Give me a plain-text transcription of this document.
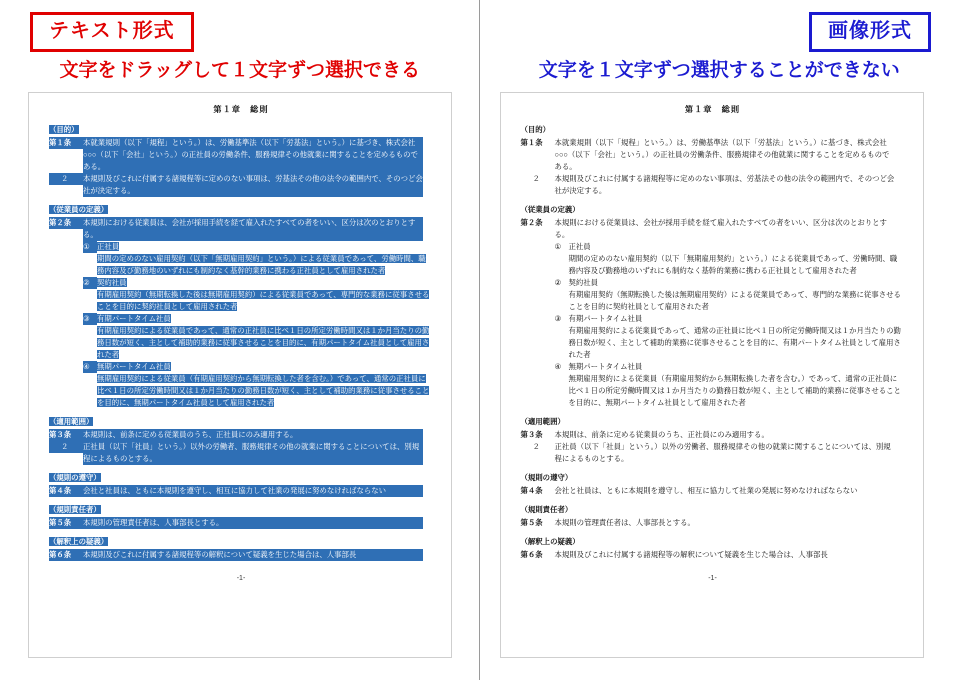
テキスト形式
文字をドラッグして１文字ずつ選択できる
第１章　総則
（目的）
第１条 本就業規則（以下「規程」という。）は、労働基準法（以下「労基法」という。）に基づき、株式会社○○○（以下「会社」という。）の正社員の労働条件、服務規律その他就業に関することを定めるものである。
２ 本規則及びこれに付属する諸規程等に定めのない事項は、労基法その他の法令の範囲内で、そのつど会社が決定する。
（従業員の定義）
第２条 本規則における従業員は、会社が採用手続を経て雇入れたすべての者をいい、区分は次のとおりとする。
① 正社員
期間の定めのない雇用契約（以下「無期雇用契約」という。）による従業員であって、労働時間、職務内容及び勤務地のいずれにも制約なく基幹的業務に携わる正社員として雇用された者
② 契約社員
有期雇用契約（無期転換した後は無期雇用契約）による従業員であって、専門的な業務に従事させることを目的に契約社員として雇用された者
③ 有期パートタイム社員
有期雇用契約による従業員であって、通常の正社員に比べ１日の所定労働時間又は１か月当たりの勤務日数が短く、主として補助的業務に従事させることを目的に、有期パートタイム社員として雇用された者
④ 無期パートタイム社員
無期雇用契約による従業員（有期雇用契約から無期転換した者を含む。）であって、通常の正社員に比べ１日の所定労働時間又は１か月当たりの勤務日数が短く、主として補助的業務に従事させることを目的に、無期パートタイム社員として雇用された者
（適用範囲）
第３条 本規則は、前条に定める従業員のうち、正社員にのみ適用する。
２ 正社員（以下「社員」という。）以外の労働者、服務規律その他の就業に関することについては、別規程によるものとする。
（規則の遵守）
第４条 会社と社員は、ともに本規則を遵守し、相互に協力して社業の発展に努めなければならない
（規則責任者）
第５条 本規則の管理責任者は、人事部長とする。
（解釈上の疑義）
第６条 本規則及びこれに付属する諸規程等の解釈について疑義を生じた場合は、人事部長
-1-
画像形式
文字を１文字ずつ選択することができない
第１章　総則
（目的）
第１条 本就業規則（以下「規程」という。）は、労働基準法（以下「労基法」という。）に基づき、株式会社○○○（以下「会社」という。）の正社員の労働条件、服務規律その他就業に関することを定めるものである。
２ 本規則及びこれに付属する諸規程等に定めのない事項は、労基法その他の法令の範囲内で、そのつど会社が決定する。
（従業員の定義）
第２条 本規則における従業員は、会社が採用手続を経て雇入れたすべての者をいい、区分は次のとおりとする。
① 正社員
期間の定めのない雇用契約（以下「無期雇用契約」という。）による従業員であって、労働時間、職務内容及び勤務地のいずれにも制約なく基幹的業務に携わる正社員として雇用された者
② 契約社員
有期雇用契約（無期転換した後は無期雇用契約）による従業員であって、専門的な業務に従事させることを目的に契約社員として雇用された者
③ 有期パートタイム社員
有期雇用契約による従業員であって、通常の正社員に比べ１日の所定労働時間又は１か月当たりの勤務日数が短く、主として補助的業務に従事させることを目的に、有期パートタイム社員として雇用された者
④ 無期パートタイム社員
無期雇用契約による従業員（有期雇用契約から無期転換した者を含む。）であって、通常の正社員に比べ１日の所定労働時間又は１か月当たりの勤務日数が短く、主として補助的業務に従事させることを目的に、無期パートタイム社員として雇用された者
（適用範囲）
第３条 本規則は、前条に定める従業員のうち、正社員にのみ適用する。
２ 正社員（以下「社員」という。）以外の労働者、服務規律その他の就業に関することについては、別規程によるものとする。
（規則の遵守）
第４条 会社と社員は、ともに本規則を遵守し、相互に協力して社業の発展に努めなければならない
（規則責任者）
第５条 本規則の管理責任者は、人事部長とする。
（解釈上の疑義）
第６条 本規則及びこれに付属する諸規程等の解釈について疑義を生じた場合は、人事部長
-1-
